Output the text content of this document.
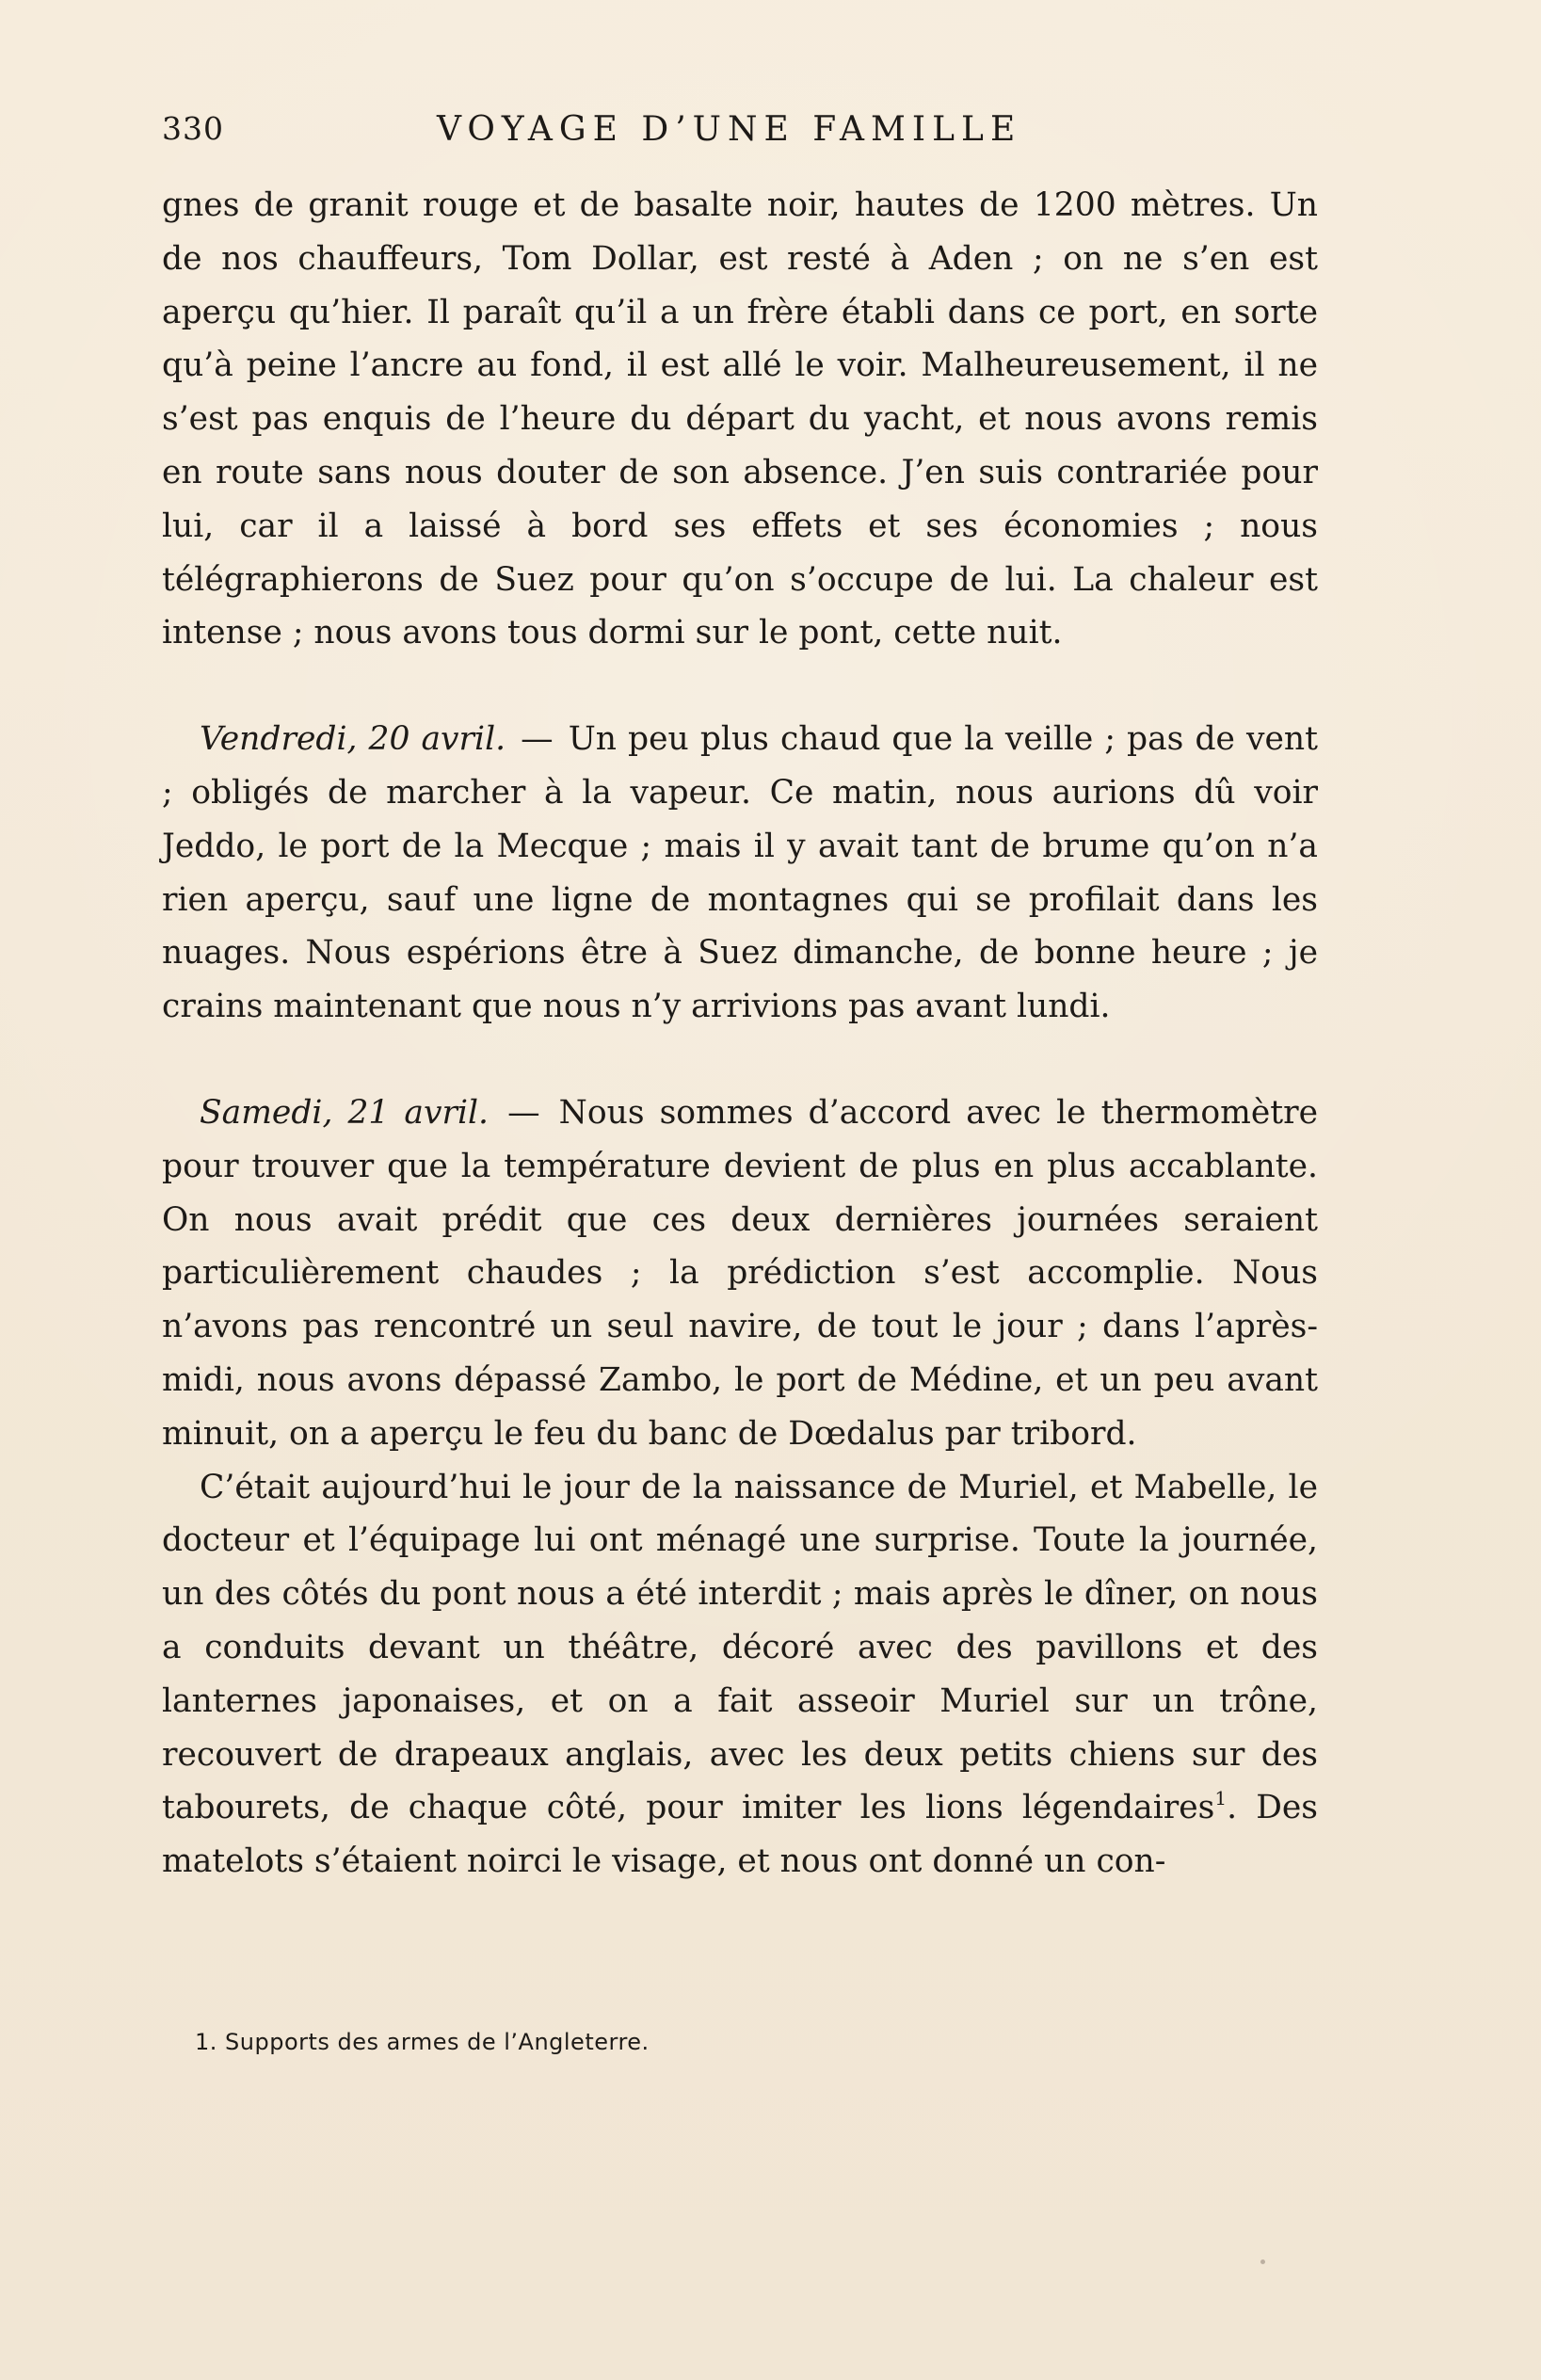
330	VOYAGE D’UNE FAMILLE

gnes de granit rouge et de basalte noir, hautes de 1200 mètres. Un de nos chauffeurs, Tom Dollar, est resté à Aden ; on ne s’en est aperçu qu’hier. Il paraît qu’il a un frère établi dans ce port, en sorte qu’à peine l’ancre au fond, il est allé le voir. Malheureusement, il ne s’est pas enquis de l’heure du départ du yacht, et nous avons remis en route sans nous douter de son absence. J’en suis contrariée pour lui, car il a laissé à bord ses effets et ses économies ; nous télégraphierons de Suez pour qu’on s’occupe de lui. La chaleur est intense ; nous avons tous dormi sur le pont, cette nuit.

Vendredi, 20 avril. — Un peu plus chaud que la veille ; pas de vent ; obligés de marcher à la vapeur. Ce matin, nous aurions dû voir Jeddo, le port de la Mecque ; mais il y avait tant de brume qu’on n’a rien aperçu, sauf une ligne de montagnes qui se profilait dans les nuages. Nous espérions être à Suez dimanche, de bonne heure ; je crains maintenant que nous n’y arrivions pas avant lundi.

Samedi, 21 avril. — Nous sommes d’accord avec le thermomètre pour trouver que la température devient de plus en plus accablante. On nous avait prédit que ces deux dernières journées seraient particulièrement chaudes ; la prédiction s’est accomplie. Nous n’avons pas rencontré un seul navire, de tout le jour ; dans l’après-midi, nous avons dépassé Zambo, le port de Médine, et un peu avant minuit, on a aperçu le feu du banc de Dœdalus par tribord.

C’était aujourd’hui le jour de la naissance de Muriel, et Mabelle, le docteur et l’équipage lui ont ménagé une surprise. Toute la journée, un des côtés du pont nous a été interdit ; mais après le dîner, on nous a conduits devant un théâtre, décoré avec des pavillons et des lanternes japonaises, et on a fait asseoir Muriel sur un trône, recouvert de drapeaux anglais, avec les deux petits chiens sur des tabourets, de chaque côté, pour imiter les lions légendaires$^1$. Des matelots s’étaient noirci le visage, et nous ont donné un con-

1. Supports des armes de l’Angleterre.
